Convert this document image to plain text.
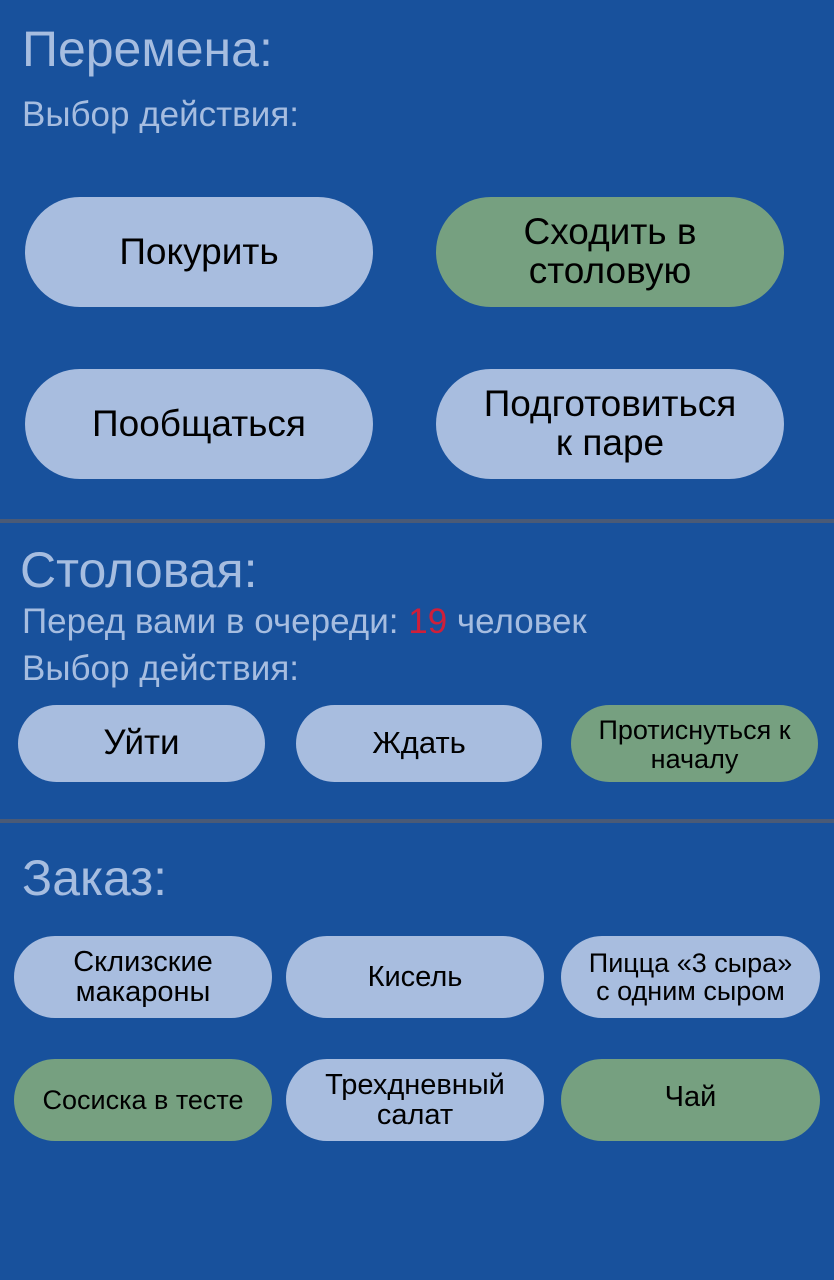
Перемена:
Выбор действия:
Покурить	Сходить в
столовую
Пообщаться	Подготовиться
к паре
Столовая:
Перед вами в очереди: 19 человек
Выбор действия:
Уйти	Ждать	Протиснуться к
началу
Заказ:
Склизские
макароны	Кисель	Пицца «3 сыра»
с одним сыром
Сосиска в тесте	Трехдневный
салат
Чай
